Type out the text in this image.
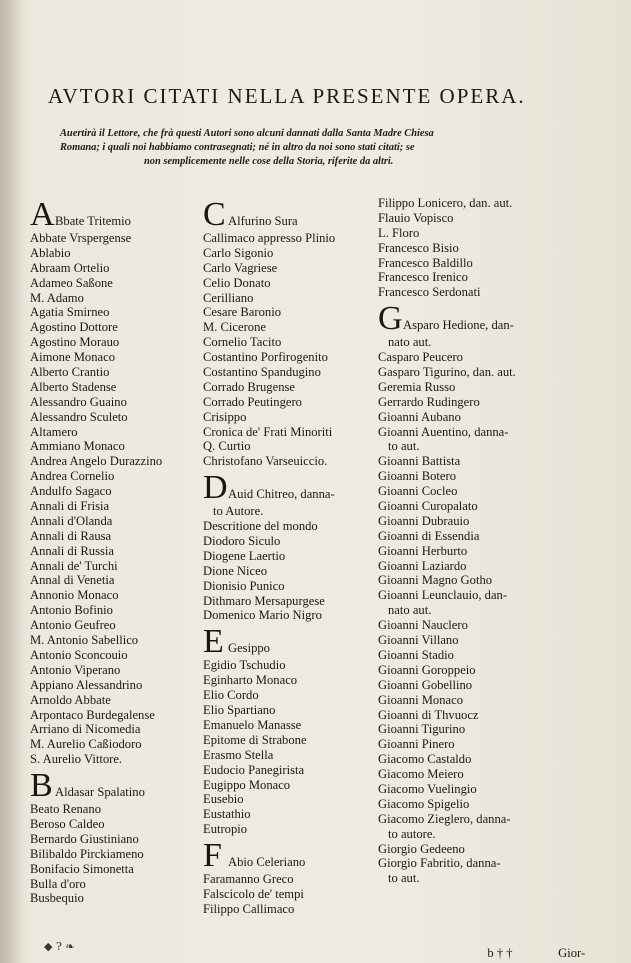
AVTORI CITATI NELLA PRESENTE OPERA.
Auertirà il Lettore, che frà questi Autori sono alcuni dannati dalla Santa Madre Chiesa
Romana; i quali noi habbiamo contrasegnati; né in altro da noi sono stati citati; se
non semplicemente nelle cose della Storia, riferite da altri.
A Bbate Tritemio
Abbate Vrspergense
Ablabio
Abraam Ortelio
Adameo Saßone
M. Adamo
Agatia Smirneo
Agostino Dottore
Agostino Morauo
Aimone Monaco
Alberto Crantio
Alberto Stadense
Alessandro Guaino
Alessandro Sculeto
Altamero
Ammiano Monaco
Andrea Angelo Durazzino
Andrea Cornelio
Andulfo Sagaco
Annali di Frisia
Annali d'Olanda
Annali di Rausa
Annali di Russia
Annali de' Turchi
Annal di Venetia
Annonio Monaco
Antonio Bofinio
Antonio Geufreo
M. Antonio Sabellico
Antonio Sconcouio
Antonio Viperano
Appiano Alessandrino
Arnoldo Abbate
Arpontaco Burdegalense
Arriano di Nicomedia
M. Aurelio Caßiodoro
S. Aurelio Vittore.
B Aldasar Spalatino
Beato Renano
Beroso Caldeo
Bernardo Giustiniano
Bilibaldo Pirckiameno
Bonifacio Simonetta
Bulla d'oro
Busbequio
C Alfurino Sura
Callimaco appresso Plinio
Carlo Sigonio
Carlo Vagriese
Celio Donato
Cerilliano
Cesare Baronio
M. Cicerone
Cornelio Tacito
Costantino Porfirogenito
Costantino Spandugino
Corrado Brugense
Corrado Peutingero
Crisippo
Cronica de' Frati Minoriti
Q. Curtio
Christofano Varseuiccio.
D Auid Chitreo, danna-
to Autore.
Descritione del mondo
Diodoro Siculo
Diogene Laertio
Dione Niceo
Dionisio Punico
Dithmaro Mersapurgese
Domenico Mario Nigro
E Gesippo
Egidio Tschudio
Eginharto Monaco
Elio Cordo
Elio Spartiano
Emanuelo Manasse
Epitome di Strabone
Erasmo Stella
Eudocio Panegirista
Eugippo Monaco
Eusebio
Eustathio
Eutropio
F Abio Celeriano
Faramanno Greco
Falscicolo de' tempi
Filippo Callimaco
Filippo Lonicero, dan. aut.
Flauio Vopisco
L. Floro
Francesco Bisio
Francesco Baldillo
Francesco Irenico
Francesco Serdonati
G Asparo Hedione, dan-
nato aut.
Casparo Peucero
Gasparo Tigurino, dan. aut.
Geremia Russo
Gerrardo Rudingero
Gioanni Aubano
Gioanni Auentino, danna-
to aut.
Gioanni Battista
Gioanni Botero
Gioanni Cocleo
Gioanni Curopalato
Gioanni Dubrauio
Gioanni di Essendia
Gioanni Herburto
Gioanni Laziardo
Gioanni Magno Gotho
Gioanni Leunclauio, dan-
nato aut.
Gioanni Nauclero
Gioanni Villano
Gioanni Stadio
Gioanni Goroppeio
Gioanni Gobellino
Gioanni Monaco
Gioanni di Thvuocz
Gioanni Tigurino
Gioanni Pinero
Giacomo Castaldo
Giacomo Meiero
Giacomo Vuelingio
Giacomo Spigelio
Giacomo Zieglero, danna-
to autore.
Giorgio Gedeeno
Giorgio Fabritio, danna-
to aut.
◆ ? ❧	b † †	Gior-
